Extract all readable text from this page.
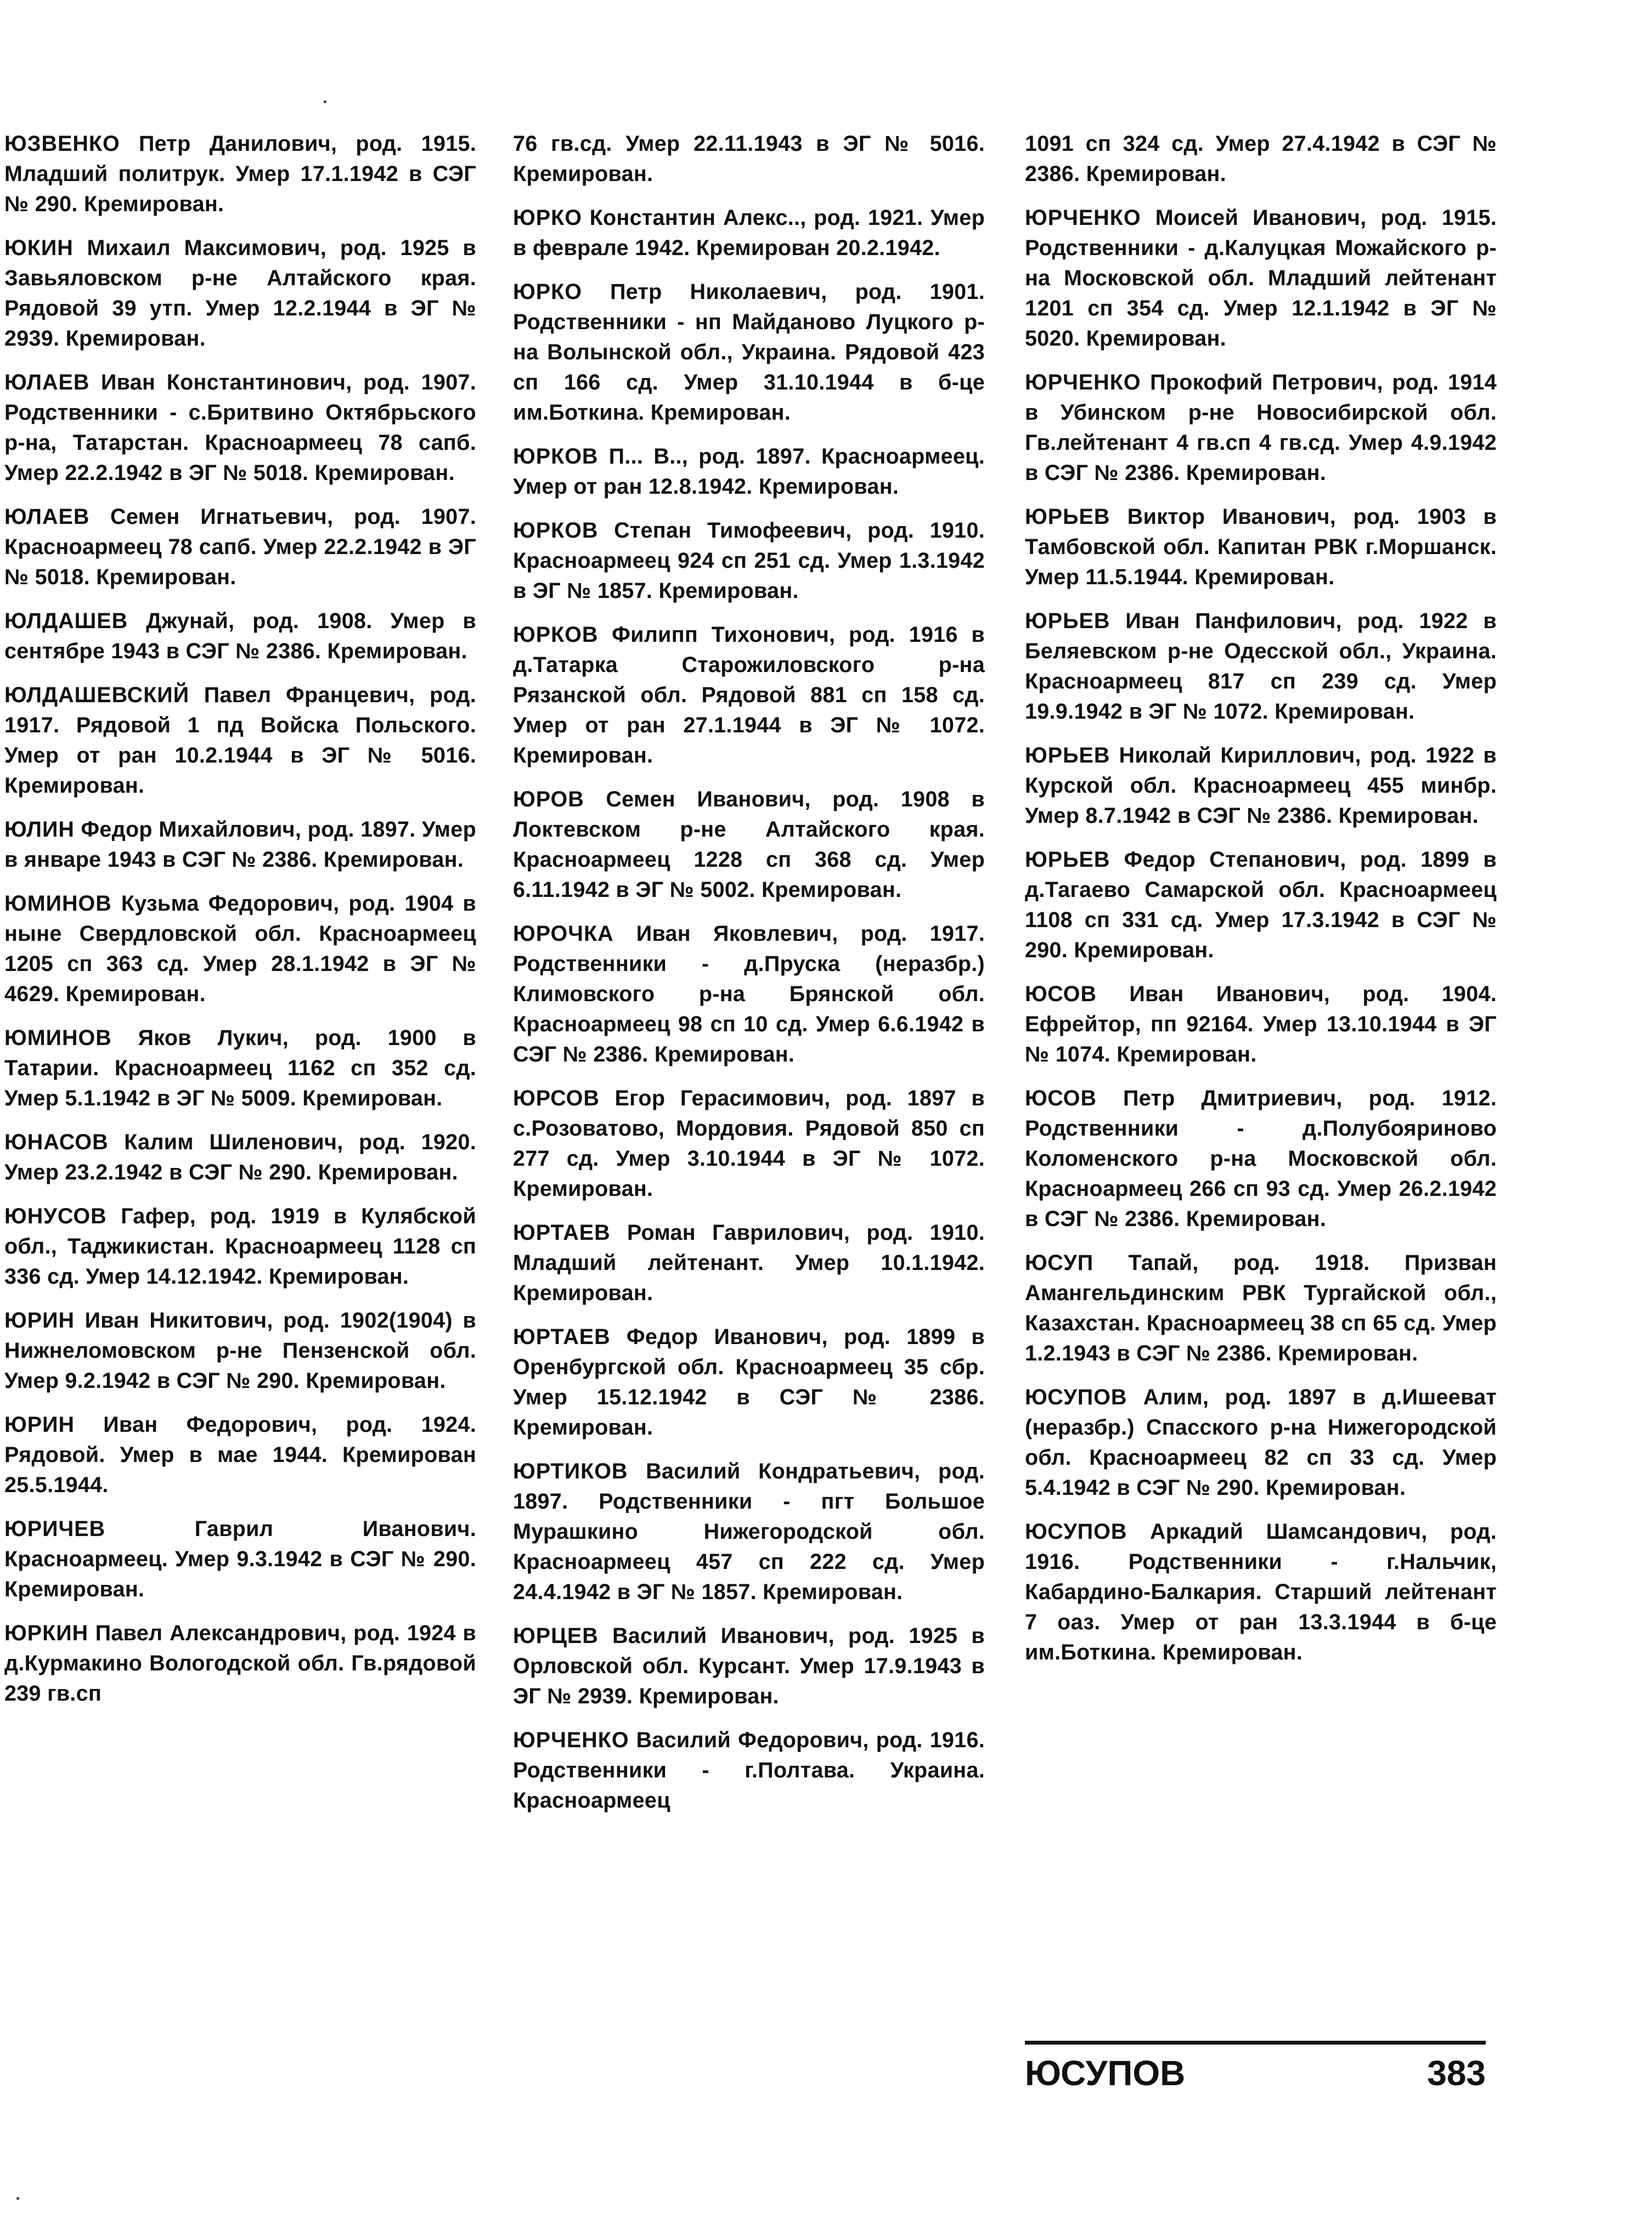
ЮЗВЕНКО Петр Данилович, род. 1915. Младший политрук. Умер 17.1.1942 в СЭГ № 290. Кремирован.

ЮКИН Михаил Максимович, род. 1925 в Завьяловском р-не Алтайского края. Рядовой 39 утп. Умер 12.2.1944 в ЭГ № 2939. Кремирован.

ЮЛАЕВ Иван Константинович, род. 1907. Родственники - с.Бритвино Октябрьского р-на, Татарстан. Красноармеец 78 сапб. Умер 22.2.1942 в ЭГ № 5018. Кремирован.

ЮЛАЕВ Семен Игнатьевич, род. 1907. Красноармеец 78 сапб. Умер 22.2.1942 в ЭГ № 5018. Кремирован.

ЮЛДАШЕВ Джунай, род. 1908. Умер в сентябре 1943 в СЭГ № 2386. Кремирован.

ЮЛДАШЕВСКИЙ Павел Францевич, род. 1917. Рядовой 1 пд Войска Польского. Умер от ран 10.2.1944 в ЭГ № 5016. Кремирован.

ЮЛИН Федор Михайлович, род. 1897. Умер в январе 1943 в СЭГ № 2386. Кремирован.

ЮМИНОВ Кузьма Федорович, род. 1904 в ныне Свердловской обл. Красноармеец 1205 сп 363 сд. Умер 28.1.1942 в ЭГ № 4629. Кремирован.

ЮМИНОВ Яков Лукич, род. 1900 в Татарии. Красноармеец 1162 сп 352 сд. Умер 5.1.1942 в ЭГ № 5009. Кремирован.

ЮНАСОВ Калим Шиленович, род. 1920. Умер 23.2.1942 в СЭГ № 290. Кремирован.

ЮНУСОВ Гафер, род. 1919 в Кулябской обл., Таджикистан. Красноармеец 1128 сп 336 сд. Умер 14.12.1942. Кремирован.

ЮРИН Иван Никитович, род. 1902(1904) в Нижнеломовском р-не Пензенской обл. Умер 9.2.1942 в СЭГ № 290. Кремирован.

ЮРИН Иван Федорович, род. 1924. Рядовой. Умер в мае 1944. Кремирован 25.5.1944.

ЮРИЧЕВ	Гаврил Иванович. Красноармеец. Умер 9.3.1942 в СЭГ № 290. Кремирован.

ЮРКИН Павел Александрович, род. 1924 в д.Курмакино Вологодской обл. Гв.рядовой 239 гв.сп

76 гв.сд. Умер 22.11.1943 в ЭГ № 5016. Кремирован.

ЮРКО Константин Алекс.., род. 1921. Умер в феврале 1942. Кремирован 20.2.1942.

ЮРКО Петр Николаевич, род. 1901. Родственники - нп Майданово Луцкого р-на Волынской обл., Украина. Рядовой 423 сп 166 сд. Умер 31.10.1944 в б-це им.Боткина. Кремирован.

ЮРКОВ П... В.., род. 1897. Красноармеец. Умер от ран 12.8.1942. Кремирован.

ЮРКОВ Степан Тимофеевич, род. 1910. Красноармеец 924 сп 251 сд. Умер 1.3.1942 в ЭГ № 1857. Кремирован.

ЮРКОВ Филипп Тихонович, род. 1916 в д.Татарка Старожиловского р-на Рязанской обл. Рядовой 881 сп 158 сд. Умер от ран 27.1.1944 в ЭГ № 1072. Кремирован.

ЮРОВ Семен Иванович, род. 1908 в Локтевском р-не Алтайского края. Красноармеец 1228 сп 368 сд. Умер 6.11.1942 в ЭГ № 5002. Кремирован.

ЮРОЧКА Иван Яковлевич, род. 1917. Родственники - д.Пруска (неразбр.) Климовского р-на Брянской обл. Красноармеец 98 сп 10 сд. Умер 6.6.1942 в СЭГ № 2386. Кремирован.

ЮРСОВ Егор Герасимович, род. 1897 в с.Розоватово, Мордовия. Рядовой 850 сп 277 сд. Умер 3.10.1944 в ЭГ № 1072. Кремирован.

ЮРТАЕВ Роман Гаврилович, род. 1910. Младший лейтенант. Умер 10.1.1942. Кремирован.

ЮРТАЕВ Федор Иванович, род. 1899 в Оренбургской обл. Красноармеец 35 сбр. Умер 15.12.1942 в СЭГ № 2386. Кремирован.

ЮРТИКОВ Василий Кондратьевич, род. 1897. Родственники - пгт Большое Мурашкино Нижегородской обл. Красноармеец 457 сп 222 сд. Умер 24.4.1942 в ЭГ № 1857. Кремирован.

ЮРЦЕВ Василий Иванович, род. 1925 в Орловской обл. Курсант. Умер 17.9.1943 в ЭГ № 2939. Кремирован.

ЮРЧЕНКО Василий Федорович, род. 1916. Родственники - г.Полтава. Украина. Красноармеец

1091 сп 324 сд. Умер 27.4.1942 в СЭГ № 2386. Кремирован.

ЮРЧЕНКО Моисей Иванович, род. 1915. Родственники - д.Калуцкая Можайского р-на Московской обл. Младший лейтенант 1201 сп 354 сд. Умер 12.1.1942 в ЭГ № 5020. Кремирован.

ЮРЧЕНКО Прокофий Петрович, род. 1914 в Убинском р-не Новосибирской обл. Гв.лейтенант 4 гв.сп 4 гв.сд. Умер 4.9.1942 в СЭГ № 2386. Кремирован.

ЮРЬЕВ Виктор Иванович, род. 1903 в Тамбовской обл. Капитан РВК г.Моршанск. Умер 11.5.1944. Кремирован.

ЮРЬЕВ Иван Панфилович, род. 1922 в Беляевском р-не Одесской обл., Украина. Красноармеец 817 сп 239 сд. Умер 19.9.1942 в ЭГ № 1072. Кремирован.

ЮРЬЕВ Николай Кириллович, род. 1922 в Курской обл. Красноармеец 455 минбр. Умер 8.7.1942 в СЭГ № 2386. Кремирован.

ЮРЬЕВ Федор Степанович, род. 1899 в д.Тагаево Самарской обл. Красноармеец 1108 сп 331 сд. Умер 17.3.1942 в СЭГ № 290. Кремирован.

ЮСОВ Иван Иванович, род. 1904. Ефрейтор, пп 92164. Умер 13.10.1944 в ЭГ № 1074. Кремирован.

ЮСОВ Петр Дмитриевич, род. 1912. Родственники - д.Полубояриново Коломенского р-на Московской обл. Красноармеец 266 сп 93 сд. Умер 26.2.1942 в СЭГ № 2386. Кремирован.

ЮСУП Тапай, род. 1918. Призван Амангельдинским РВК Тургайской обл., Казахстан. Красноармеец 38 сп 65 сд. Умер 1.2.1943 в СЭГ № 2386. Кремирован.

ЮСУПОВ Алим, род. 1897 в д.Ишееват (неразбр.) Спасского р-на Нижегородской обл. Красноармеец 82 сп 33 сд. Умер 5.4.1942 в СЭГ № 290. Кремирован.

ЮСУПОВ Аркадий Шамсандович, род. 1916. Родственники - г.Нальчик, Кабардино-Балкария. Старший лейтенант 7 оаз. Умер от ран 13.3.1944 в б-це им.Боткина. Кремирован.

ЮСУПОВ	383
